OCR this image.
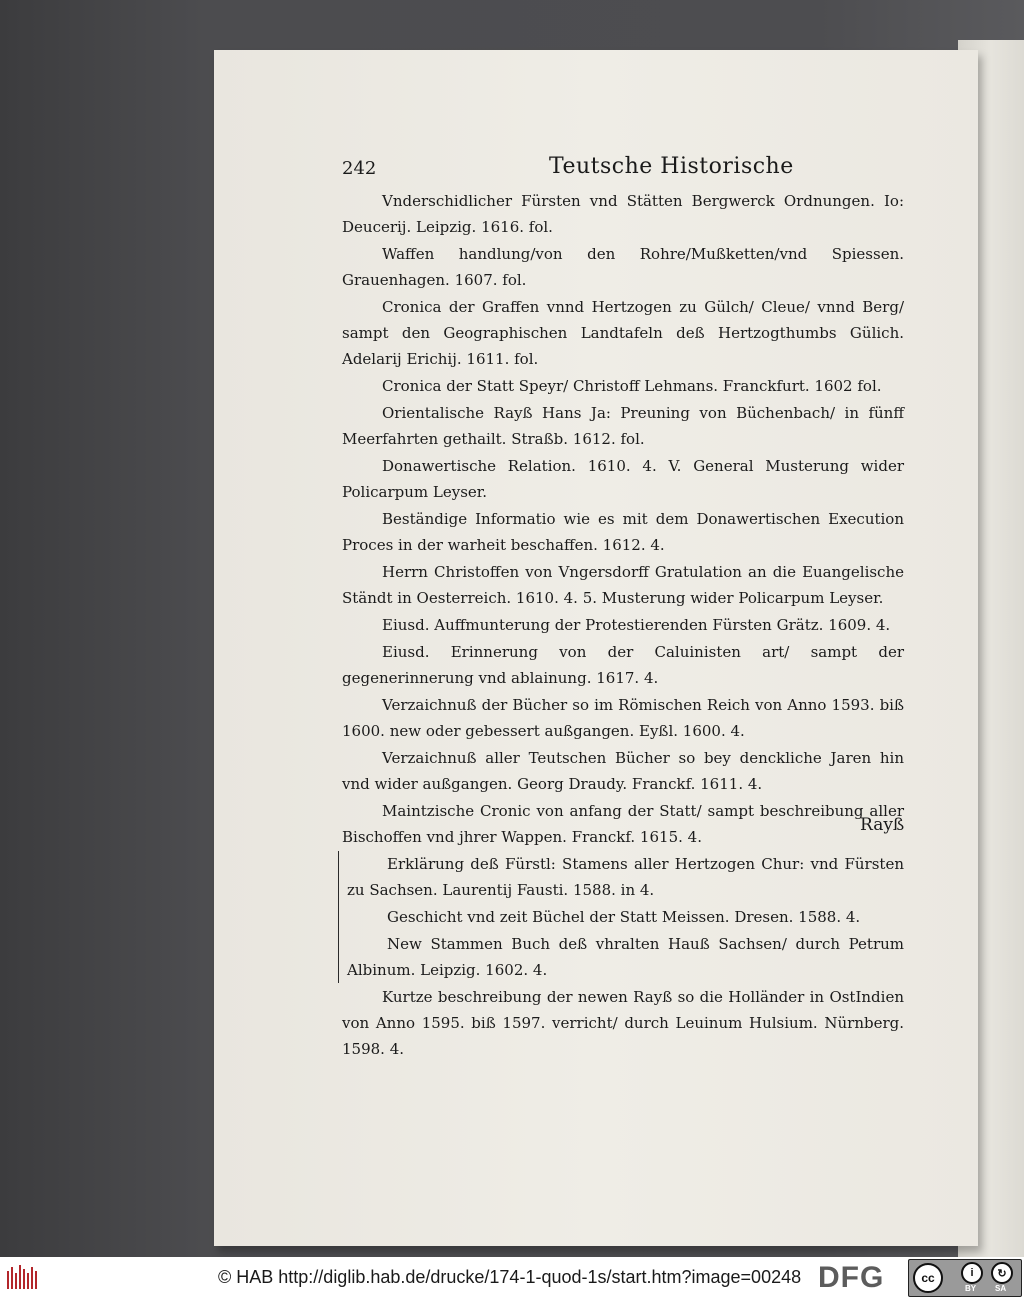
242	Teutsche Historische

Vnderschidlicher Fürsten vnd Stätten Bergwerck Ordnungen. Io: Deucerij. Leipzig. 1616. fol.

Waffen handlung/von den Rohre/Mußketten/vnd Spiessen. Grauenhagen. 1607. fol.

Cronica der Graffen vnnd Hertzogen zu Gülch/ Cleue/ vnnd Berg/ sampt den Geographischen Landtafeln deß Hertzogthumbs Gülich. Adelarij Erichij. 1611. fol.

Cronica der Statt Speyr/ Christoff Lehmans. Franckfurt. 1602 fol.

Orientalische Rayß Hans Ja: Preuning von Büchenbach/ in fünff Meerfahrten gethailt. Straßb. 1612. fol.

Donawertische Relation. 1610. 4. V. General Musterung wider Policarpum Leyser.

Beständige Informatio wie es mit dem Donawertischen Execution Proces in der warheit beschaffen. 1612. 4.

Herrn Christoffen von Vngersdorff Gratulation an die Euangelische Ständt in Oesterreich. 1610. 4. 5. Musterung wider Policarpum Leyser.

Eiusd. Auffmunterung der Protestierenden Fürsten Grätz. 1609. 4.

Eiusd. Erinnerung von der Caluinisten art/ sampt der gegenerinnerung vnd ablainung. 1617. 4.

Verzaichnuß der Bücher so im Römischen Reich von Anno 1593. biß 1600. new oder gebessert außgangen. Eyßl. 1600. 4.

Verzaichnuß aller Teutschen Bücher so bey denckliche Jaren hin vnd wider außgangen. Georg Draudy. Franckf. 1611. 4.

Maintzische Cronic von anfang der Statt/ sampt beschreibung aller Bischoffen vnd jhrer Wappen. Franckf. 1615. 4.

Erklärung deß Fürstl: Stamens aller Hertzogen Chur: vnd Fürsten zu Sachsen. Laurentij Fausti. 1588. in 4.

Geschicht vnd zeit Büchel der Statt Meissen. Dresen. 1588. 4.

New Stammen Buch deß vhralten Hauß Sachsen/ durch Petrum Albinum. Leipzig. 1602. 4.

Kurtze beschreibung der newen Rayß so die Holländer in OstIndien von Anno 1595. biß 1597. verricht/ durch Leuinum Hulsium. Nürnberg. 1598. 4.

Rayß
© HAB http://diglib.hab.de/drucke/174-1-quod-1s/start.htm?image=00248 DFG	cc	i	↻
BY SA
